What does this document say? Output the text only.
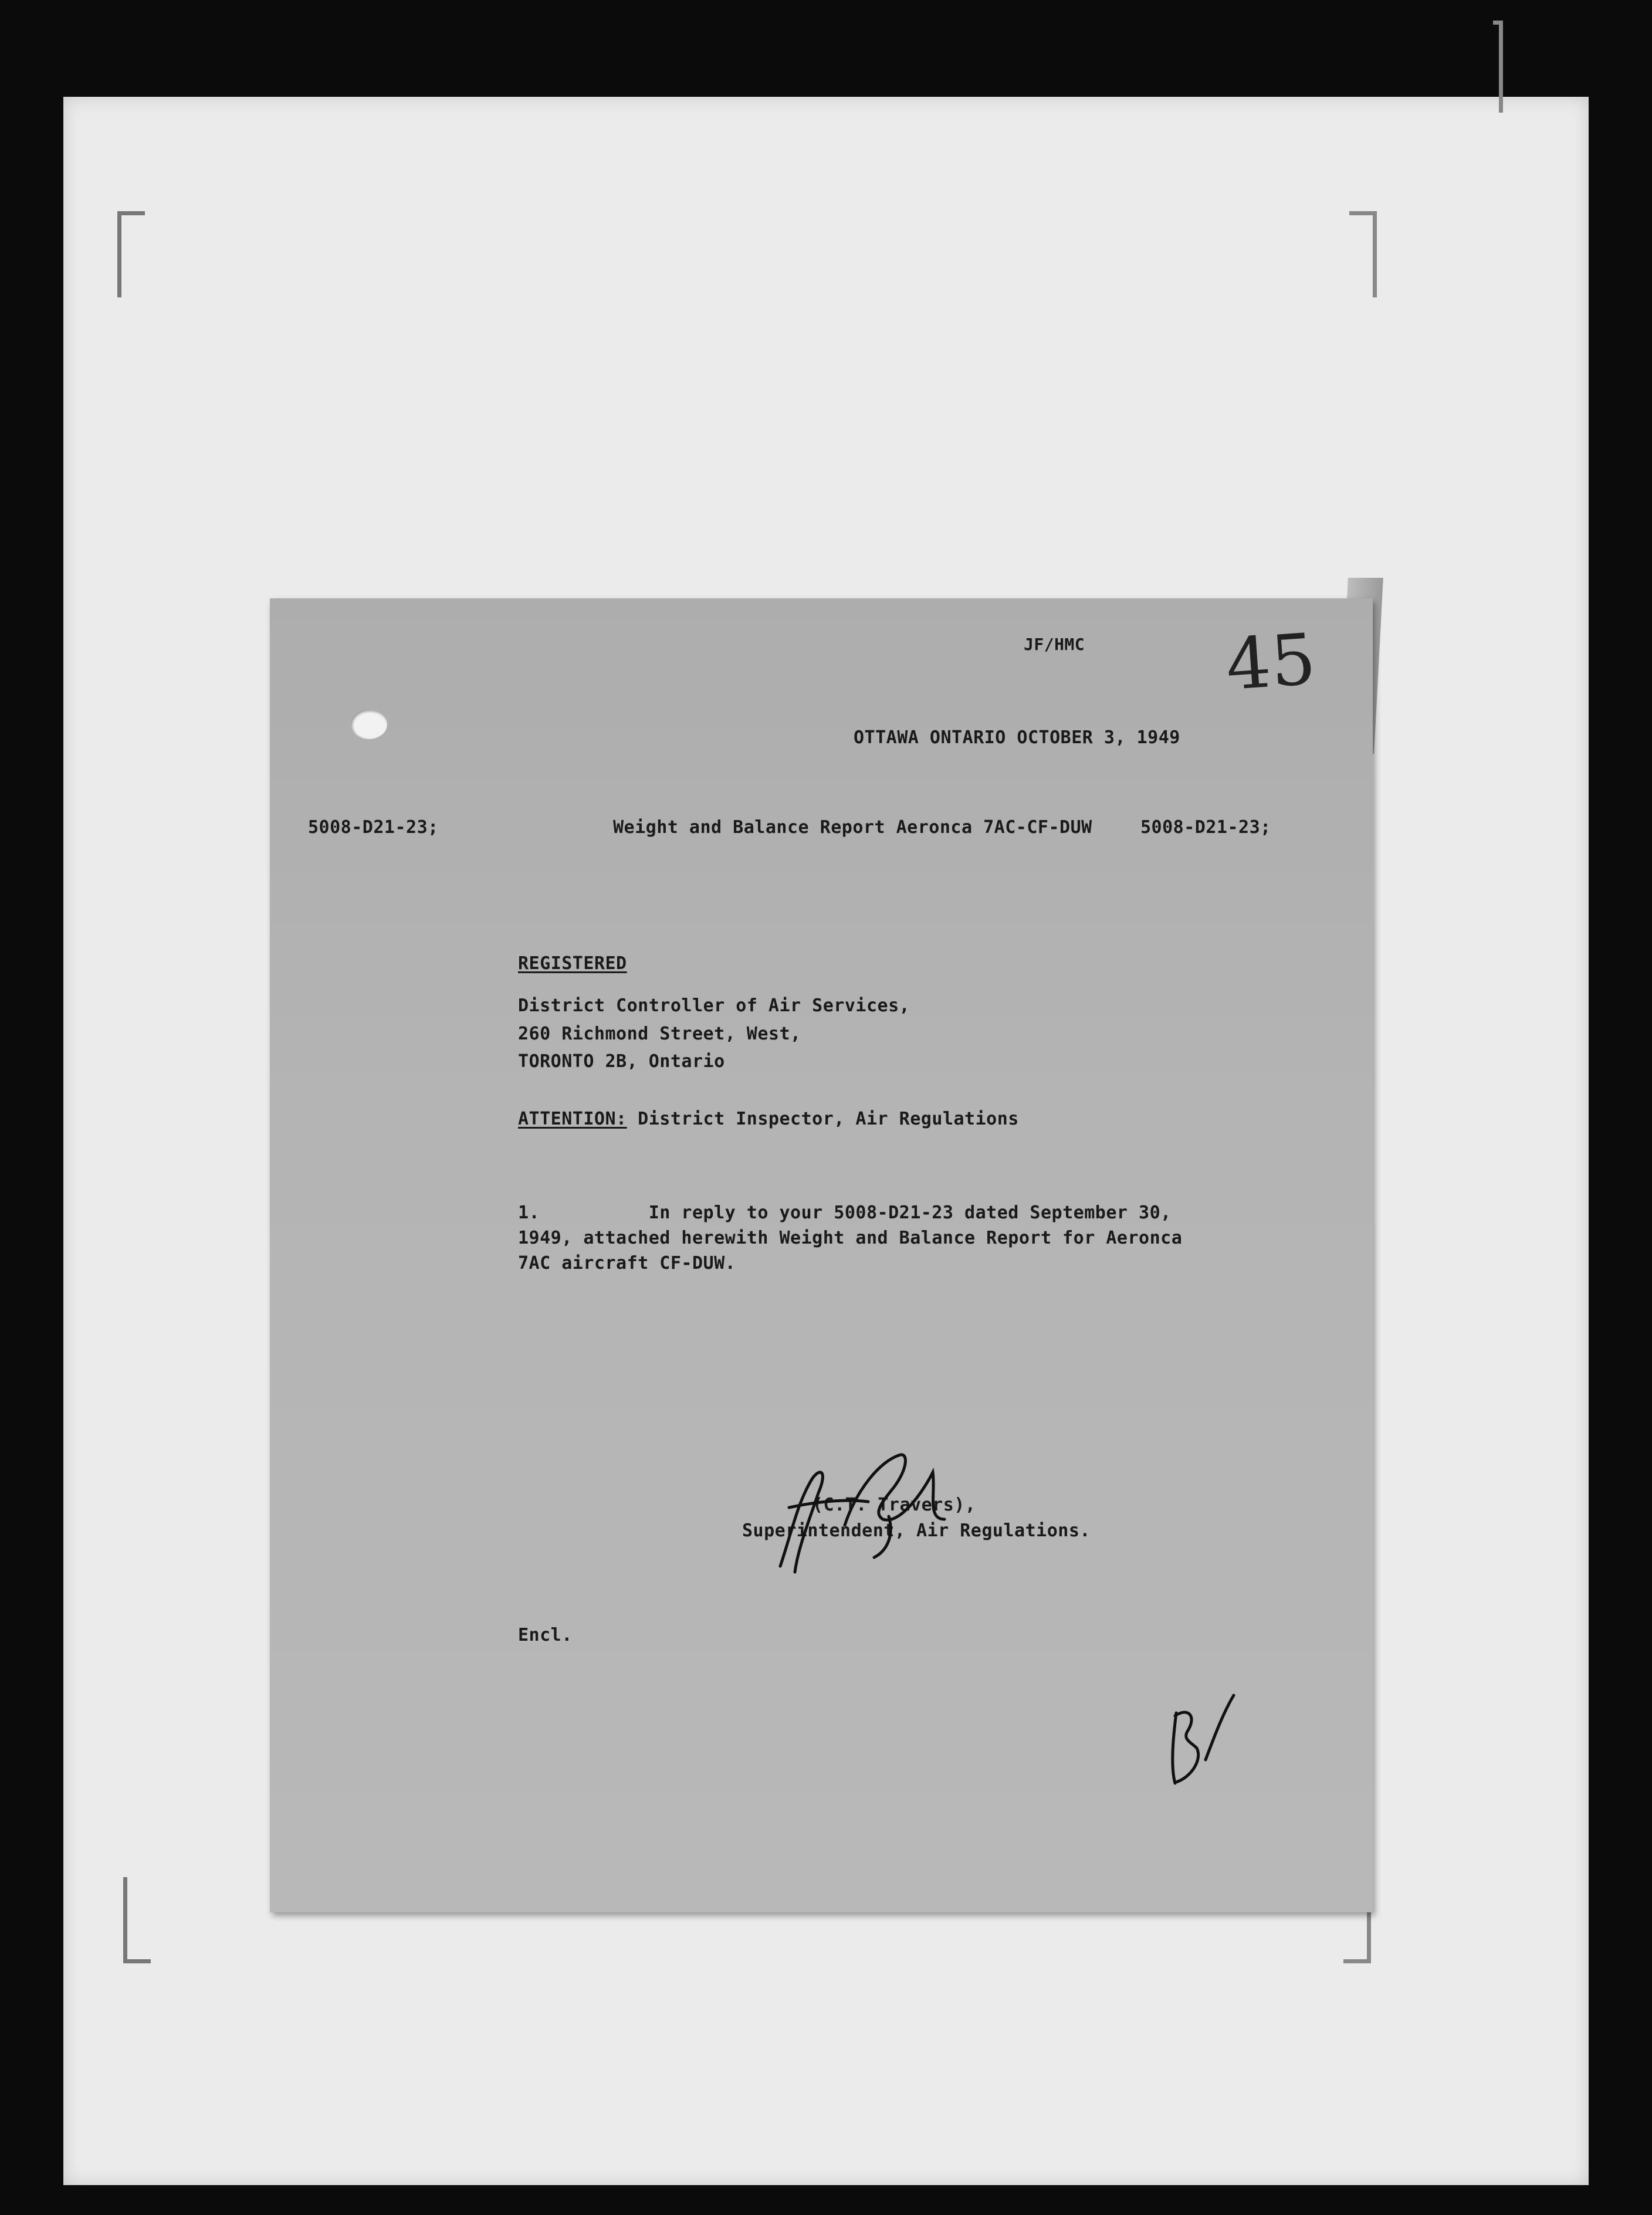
JF/HMC 45
OTTAWA ONTARIO OCTOBER 3, 1949
5008-D21-23;	Weight and Balance Report Aeronca 7AC-CF-DUW	5008-D21-23;
REGISTERED
District Controller of Air Services,
260 Richmond Street, West,
TORONTO 2B, Ontario
ATTENTION: District Inspector, Air Regulations
1.          In reply to your 5008-D21-23 dated September 30,
1949, attached herewith Weight and Balance Report for Aeronca
7AC aircraft CF-DUW.
(C.T. Travers),
Superintendent, Air Regulations.
Encl.
